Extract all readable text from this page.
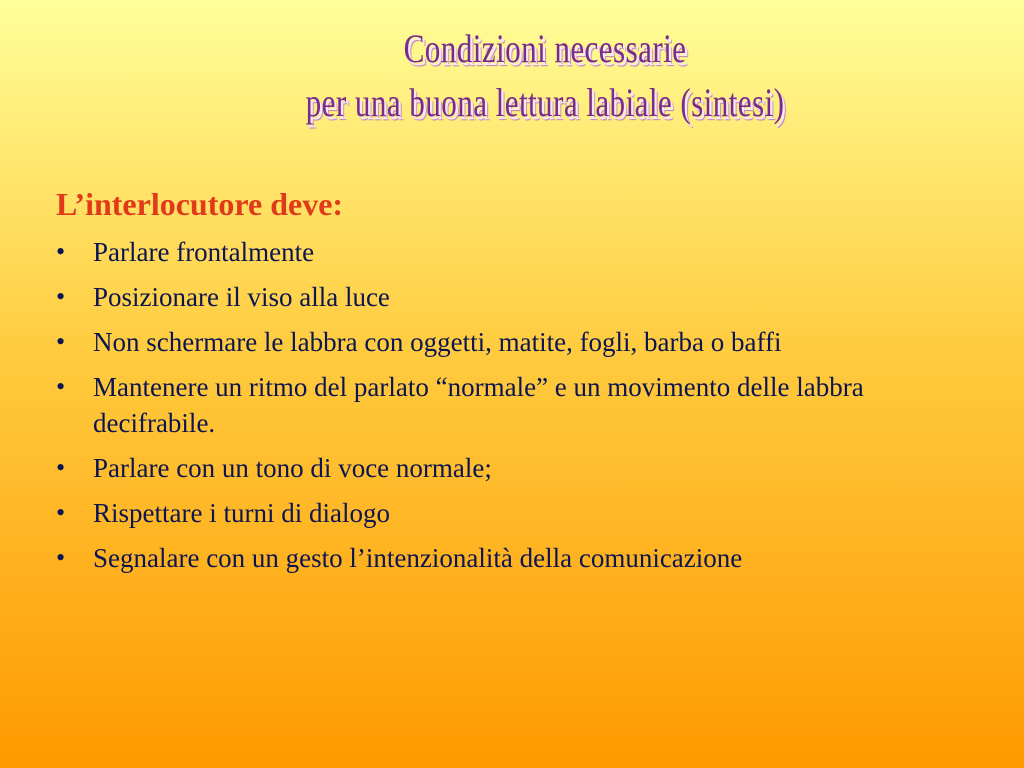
Condizioni necessarie
per una buona lettura labiale (sintesi)

L’interlocutore deve:

•	Parlare frontalmente
•	Posizionare il viso alla luce
•	Non schermare le labbra con oggetti, matite, fogli, barba o baffi
•	Mantenere un ritmo del parlato “normale” e un movimento delle labbra decifrabile.
•	Parlare con un tono di voce normale;
•	Rispettare i turni di dialogo
•	Segnalare con un gesto l’intenzionalità della comunicazione
